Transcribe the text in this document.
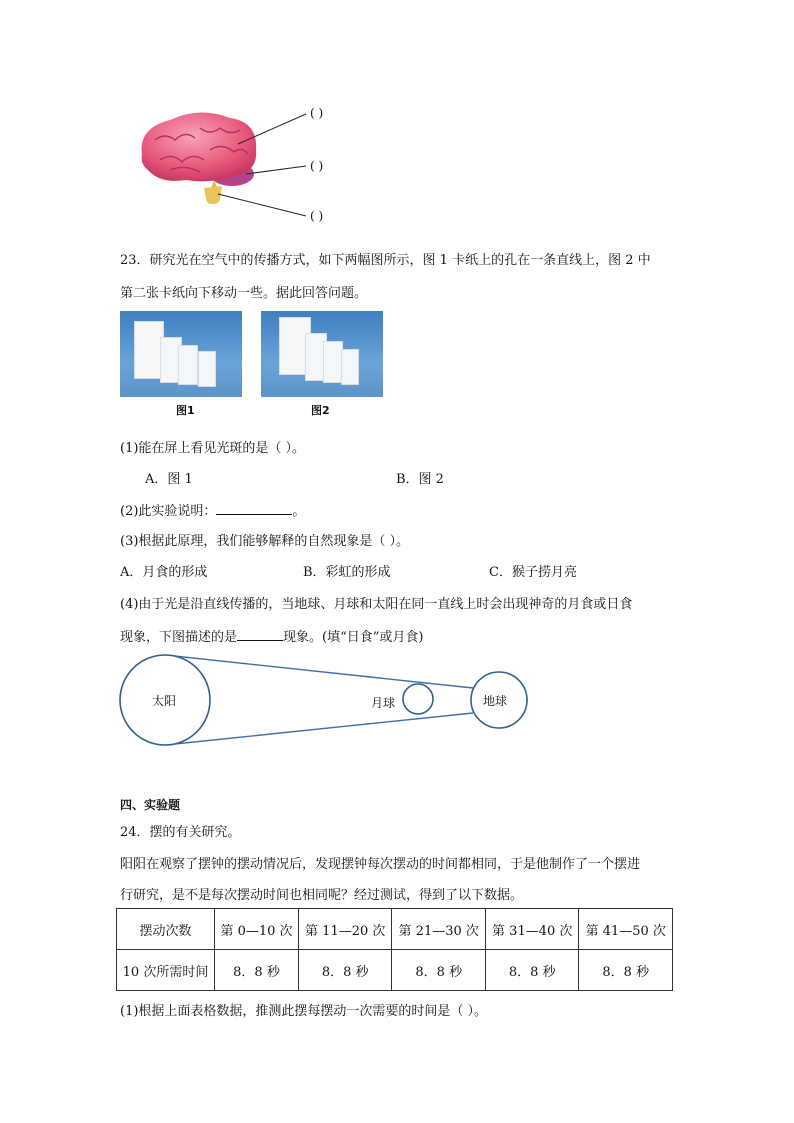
( )
( )
( )
23．研究光在空气中的传播方式，如下两幅图所示，图 1 卡纸上的孔在一条直线上，图 2 中
第二张卡纸向下移动一些。据此回答问题。
图1	图2
(1)能在屏上看见光斑的是（ ）。
A．图 1	B．图 2
(2)此实验说明：	。
(3)根据此原理，我们能够解释的自然现象是（ ）。
A．月食的形成	B．彩虹的形成	C．猴子捞月亮
(4)由于光是沿直线传播的，当地球、月球和太阳在同一直线上时会出现神奇的月食或日食
现象，下图描述的是	现象。(填“日食”或月食)
太阳	月球	地球
四、实验题
24．摆的有关研究。
阳阳在观察了摆钟的摆动情况后，发现摆钟每次摆动的时间都相同，于是他制作了一个摆进
行研究，是不是每次摆动时间也相同呢？经过测试，得到了以下数据。
摆动次数	第 0—10 次	第 11—20 次	第 21—30 次	第 31—40 次	第 41—50 次
10 次所需时间	8．8 秒	8．8 秒	8．8 秒	8．8 秒	8．8 秒
(1)根据上面表格数据，推测此摆每摆动一次需要的时间是（ ）。
